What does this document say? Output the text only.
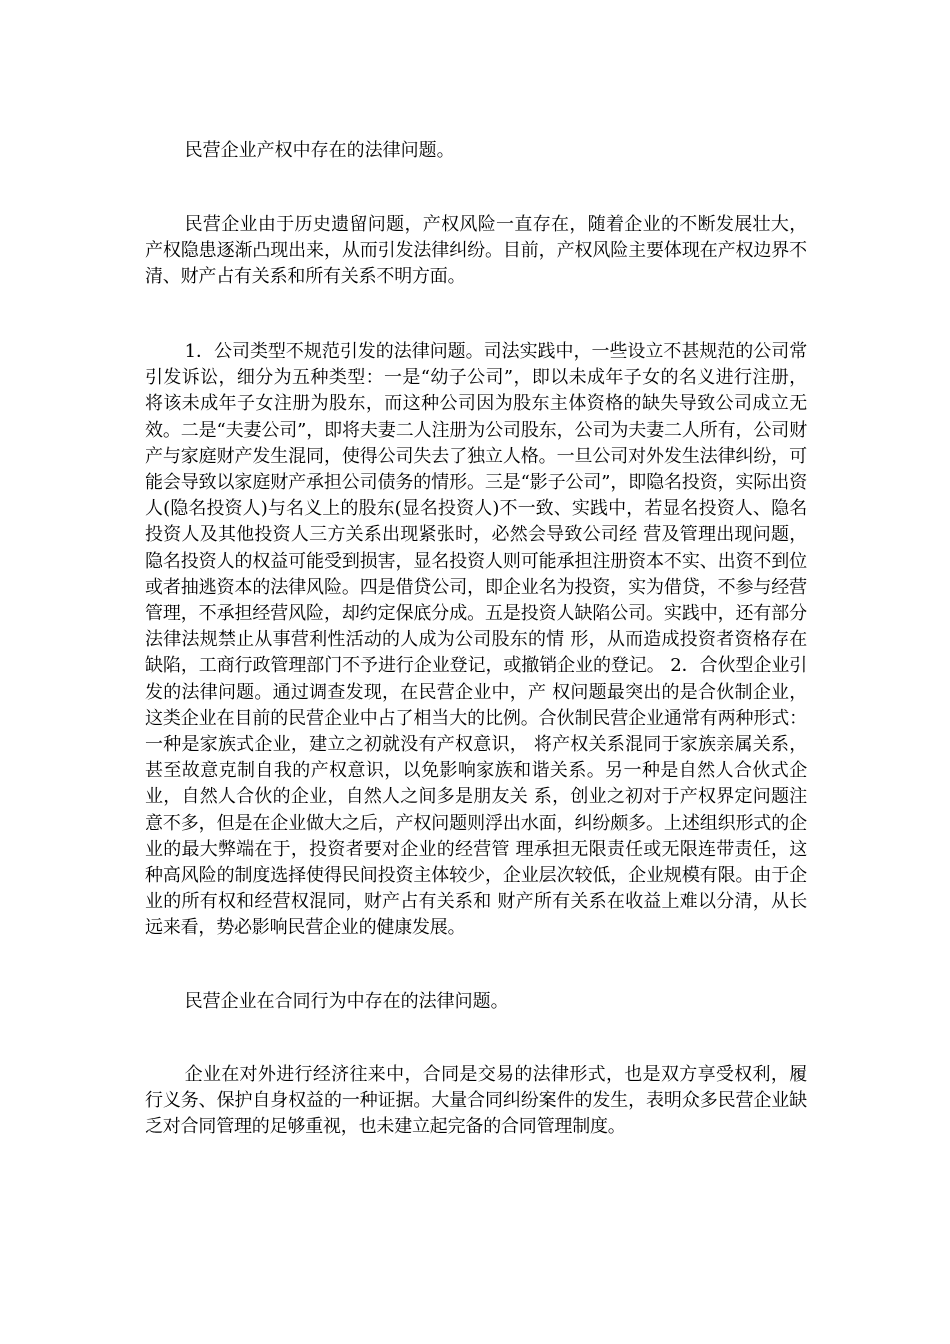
民营企业产权中存在的法律问题。

民营企业由于历史遗留问题，产权风险一直存在，随着企业的不断发展壮大，产权隐患逐渐凸现出来，从而引发法律纠纷。目前，产权风险主要体现在产权边界不清、财产占有关系和所有关系不明方面。

1．公司类型不规范引发的法律问题。司法实践中，一些设立不甚规范的公司常引发诉讼，细分为五种类型：一是“幼子公司”，即以未成年子女的名义进行注册， 将该未成年子女注册为股东，而这种公司因为股东主体资格的缺失导致公司成立无效。二是“夫妻公司”，即将夫妻二人注册为公司股东，公司为夫妻二人所有，公司财产与家庭财产发生混同，使得公司失去了独立人格。一旦公司对外发生法律纠纷，可能会导致以家庭财产承担公司债务的情形。三是“影子公司”，即隐名投资，实际出资人(隐名投资人)与名义上的股东(显名投资人)不一致、实践中，若显名投资人、隐名投资人及其他投资人三方关系出现紧张时，必然会导致公司经 营及管理出现问题，隐名投资人的权益可能受到损害，显名投资人则可能承担注册资本不实、出资不到位或者抽逃资本的法律风险。四是借贷公司，即企业名为投资，实为借贷，不参与经营管理，不承担经营风险，却约定保底分成。五是投资人缺陷公司。实践中，还有部分法律法规禁止从事营利性活动的人成为公司股东的情 形，从而造成投资者资格存在缺陷，工商行政管理部门不予进行企业登记，或撤销企业的登记。 2．合伙型企业引发的法律问题。通过调查发现，在民营企业中，产 权问题最突出的是合伙制企业，这类企业在目前的民营企业中占了相当大的比例。合伙制民营企业通常有两种形式：一种是家族式企业，建立之初就没有产权意识， 将产权关系混同于家族亲属关系，甚至故意克制自我的产权意识，以免影响家族和谐关系。另一种是自然人合伙式企业，自然人合伙的企业，自然人之间多是朋友关 系，创业之初对于产权界定问题注意不多，但是在企业做大之后，产权问题则浮出水面，纠纷颇多。上述组织形式的企业的最大弊端在于，投资者要对企业的经营管 理承担无限责任或无限连带责任，这种高风险的制度选择使得民间投资主体较少，企业层次较低，企业规模有限。由于企业的所有权和经营权混同，财产占有关系和 财产所有关系在收益上难以分清，从长远来看，势必影响民营企业的健康发展。

民营企业在合同行为中存在的法律问题。

企业在对外进行经济往来中，合同是交易的法律形式，也是双方享受权利，履行义务、保护自身权益的一种证据。大量合同纠纷案件的发生，表明众多民营企业缺乏对合同管理的足够重视，也未建立起完备的合同管理制度。
